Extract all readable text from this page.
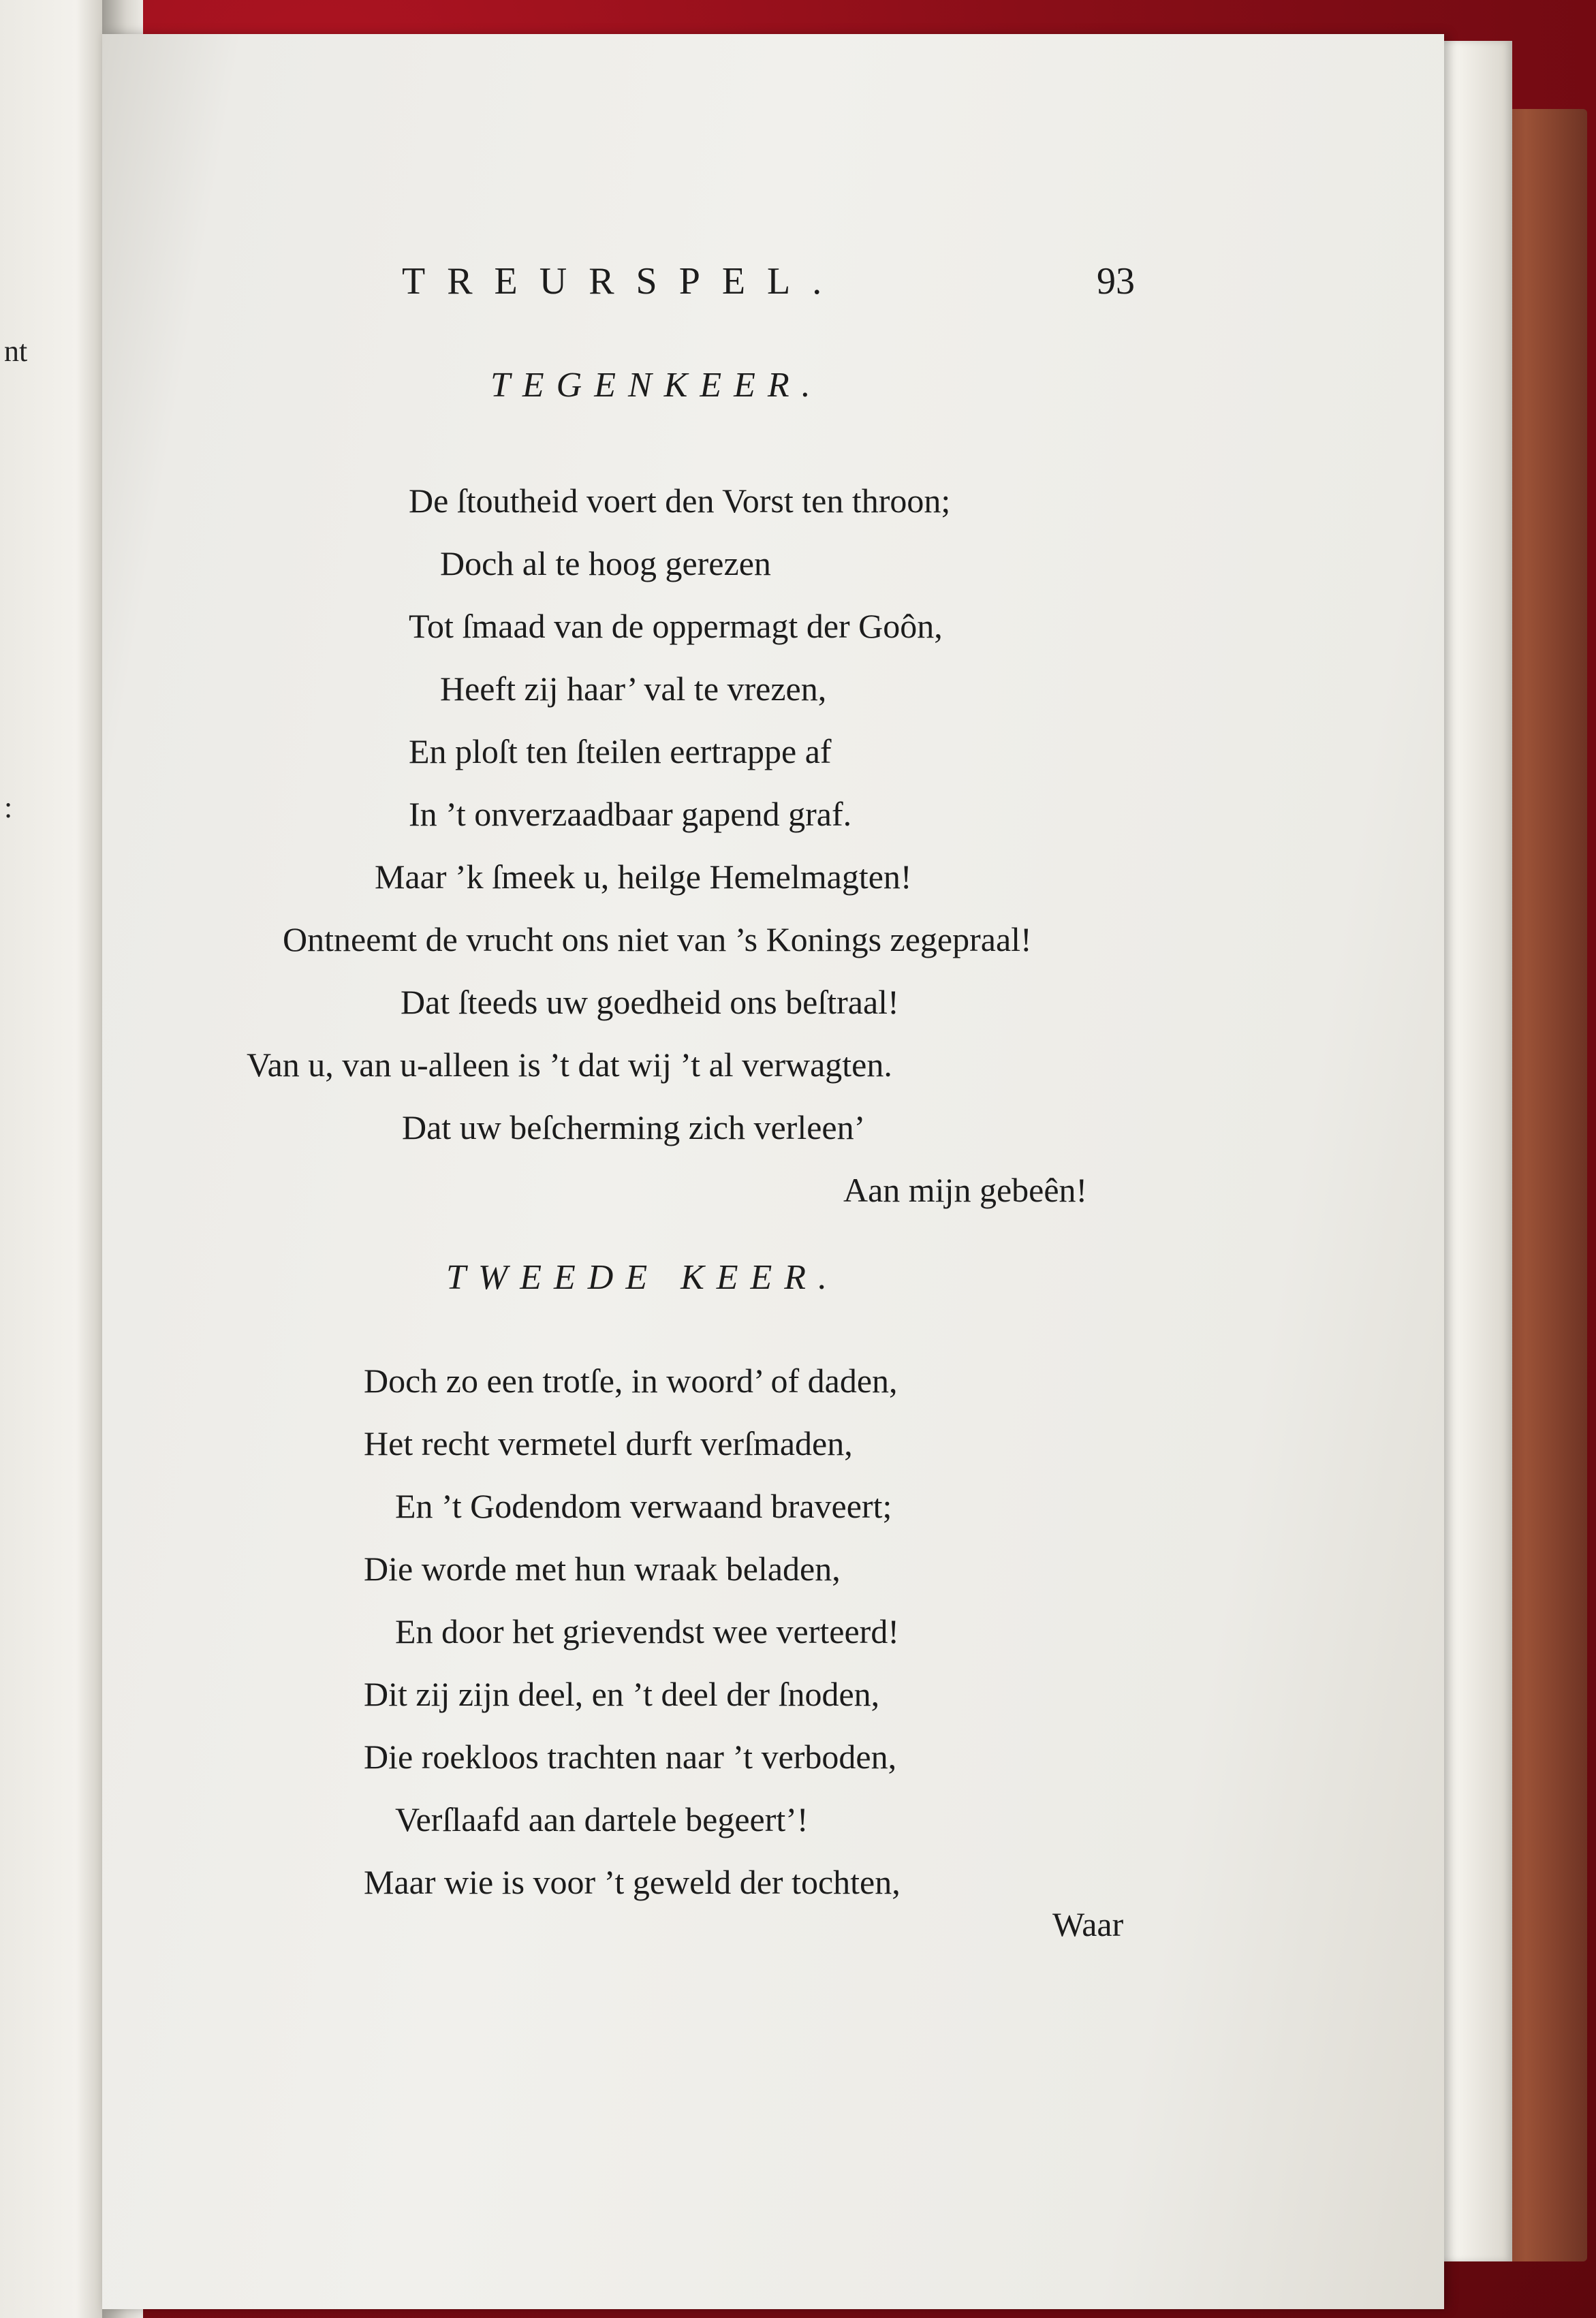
nt
:
TREURSPEL.	93
TEGENKEER.
De ſtoutheid voert den Vorst ten throon;
Doch al te hoog gerezen
Tot ſmaad van de oppermagt der Goôn,
Heeft zij haar’ val te vrezen,
En ploſt ten ſteilen eertrappe af
In ’t onverzaadbaar gapend graf.
Maar ’k ſmeek u, heilge Hemelmagten!
Ontneemt de vrucht ons niet van ’s Konings zegepraal!
Dat ſteeds uw goedheid ons beſtraal!
Van u, van u-alleen is ’t dat wij ’t al verwagten.
Dat uw beſcherming zich verleen’
Aan mijn gebeên!
TWEEDE KEER.
Doch zo een trotſe, in woord’ of daden,
Het recht vermetel durft verſmaden,
En ’t Godendom verwaand braveert;
Die worde met hun wraak beladen,
En door het grievendst wee verteerd!
Dit zij zijn deel, en ’t deel der ſnoden,
Die roekloos trachten naar ’t verboden,
Verſlaafd aan dartele begeert’!
Maar wie is voor ’t geweld der tochten,
Waar
